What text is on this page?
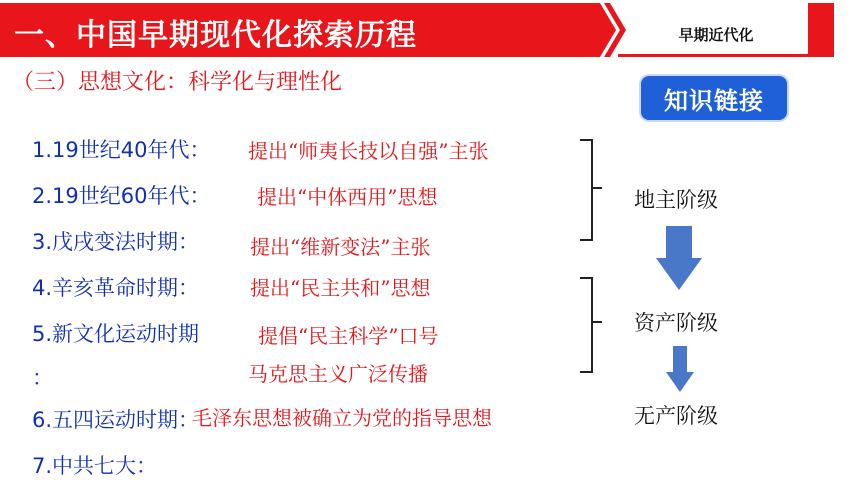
一、中国早期现代化探索历程	早期近代化
（三）思想文化：科学化与理性化
知识链接
1.19世纪40年代：
2.19世纪60年代：
3.戊戌变法时期：
4.辛亥革命时期：
5.新文化运动时期
：
6.五四运动时期：
7.中共七大：
提出“师夷长技以自强”主张
提出“中体西用”思想
提出“维新变法”主张
提出“民主共和”思想
提倡“民主科学”口号
马克思主义广泛传播
毛泽东思想被确立为党的指导思想
地主阶级
资产阶级
无产阶级
